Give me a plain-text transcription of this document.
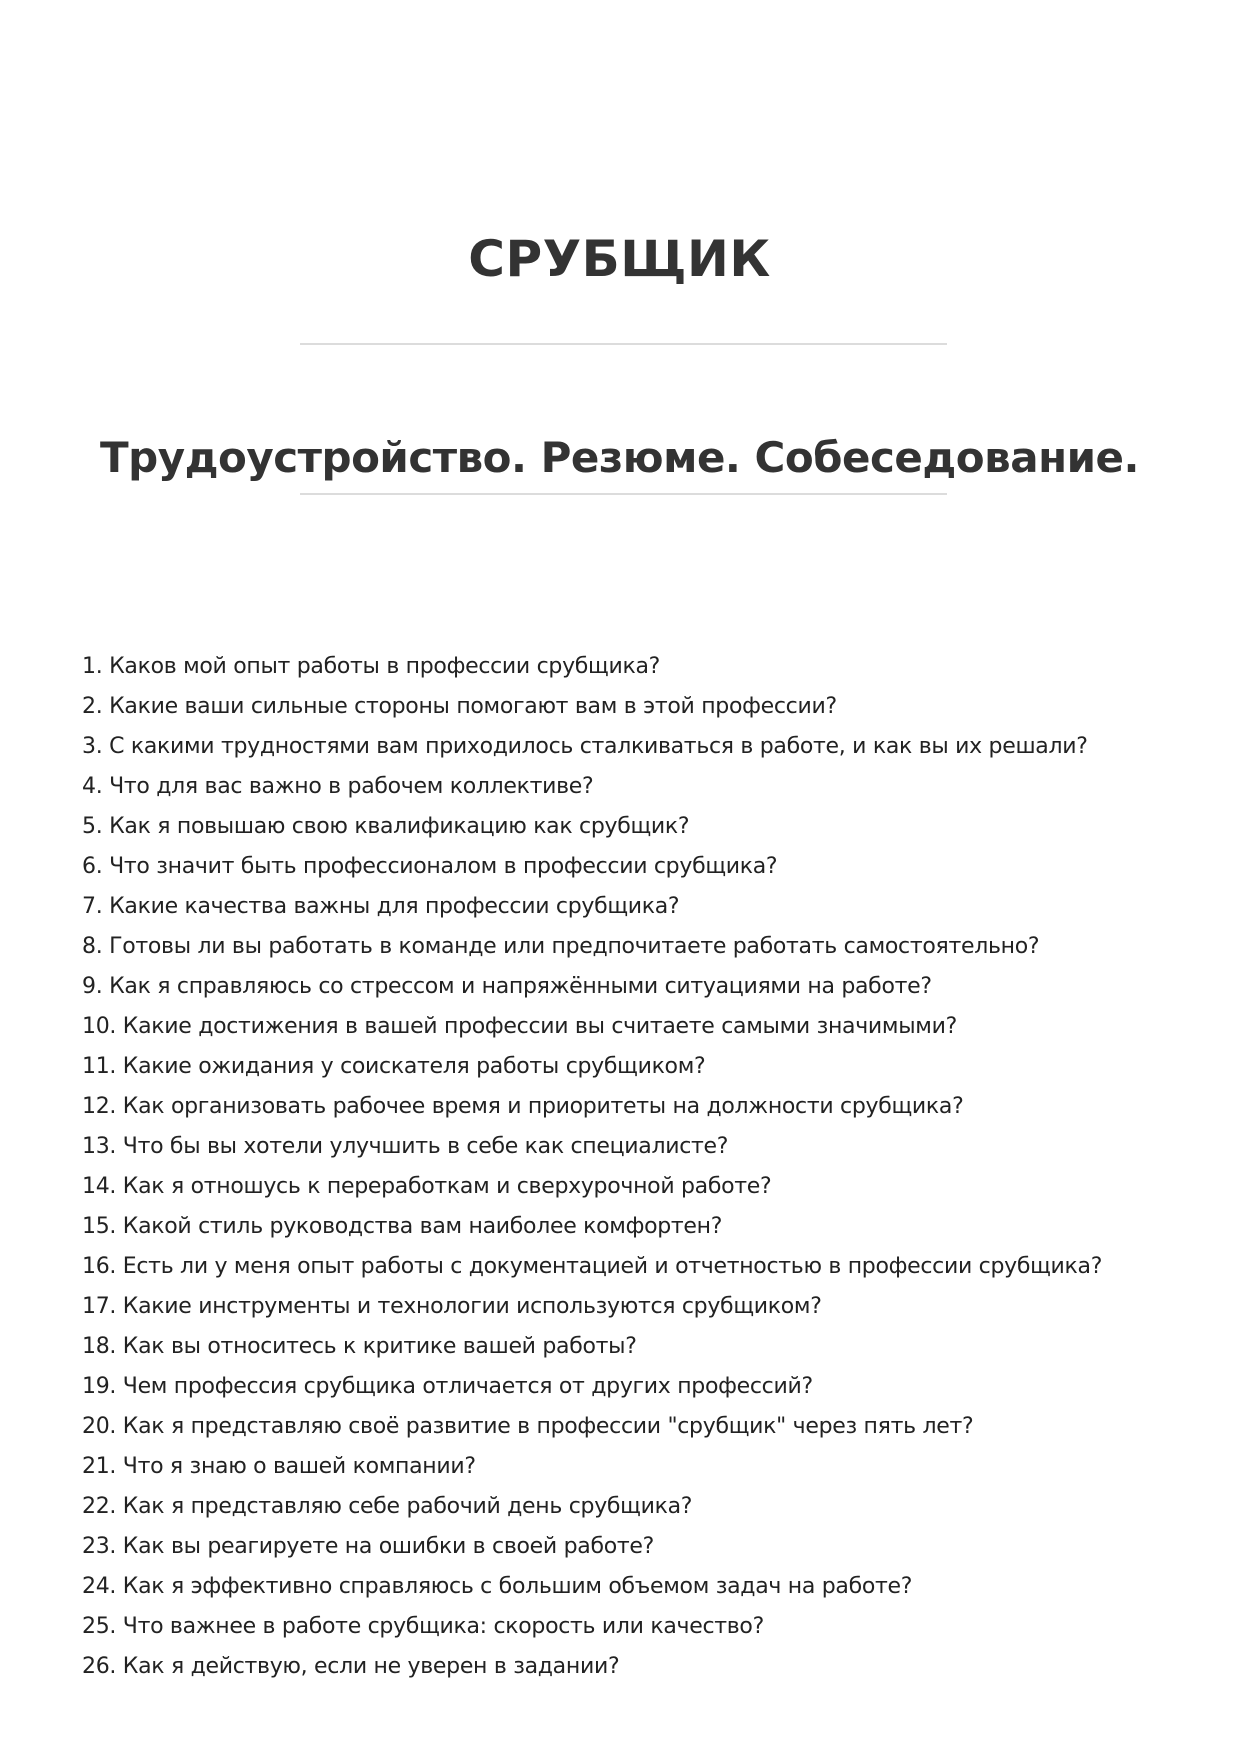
СРУБЩИК
Трудоустройство. Резюме. Собеседование.
1. Каков мой опыт работы в профессии срубщика?
2. Какие ваши сильные стороны помогают вам в этой профессии?
3. С какими трудностями вам приходилось сталкиваться в работе, и как вы их решали?
4. Что для вас важно в рабочем коллективе?
5. Как я повышаю свою квалификацию как срубщик?
6. Что значит быть профессионалом в профессии срубщика?
7. Какие качества важны для профессии срубщика?
8. Готовы ли вы работать в команде или предпочитаете работать самостоятельно?
9. Как я справляюсь со стрессом и напряжёнными ситуациями на работе?
10. Какие достижения в вашей профессии вы считаете самыми значимыми?
11. Какие ожидания у соискателя работы срубщиком?
12. Как организовать рабочее время и приоритеты на должности срубщика?
13. Что бы вы хотели улучшить в себе как специалисте?
14. Как я отношусь к переработкам и сверхурочной работе?
15. Какой стиль руководства вам наиболее комфортен?
16. Есть ли у меня опыт работы с документацией и отчетностью в профессии срубщика?
17. Какие инструменты и технологии используются срубщиком?
18. Как вы относитесь к критике вашей работы?
19. Чем профессия срубщика отличается от других профессий?
20. Как я представляю своё развитие в профессии "срубщик" через пять лет?
21. Что я знаю о вашей компании?
22. Как я представляю себе рабочий день срубщика?
23. Как вы реагируете на ошибки в своей работе?
24. Как я эффективно справляюсь с большим объемом задач на работе?
25. Что важнее в работе срубщика: скорость или качество?
26. Как я действую, если не уверен в задании?
